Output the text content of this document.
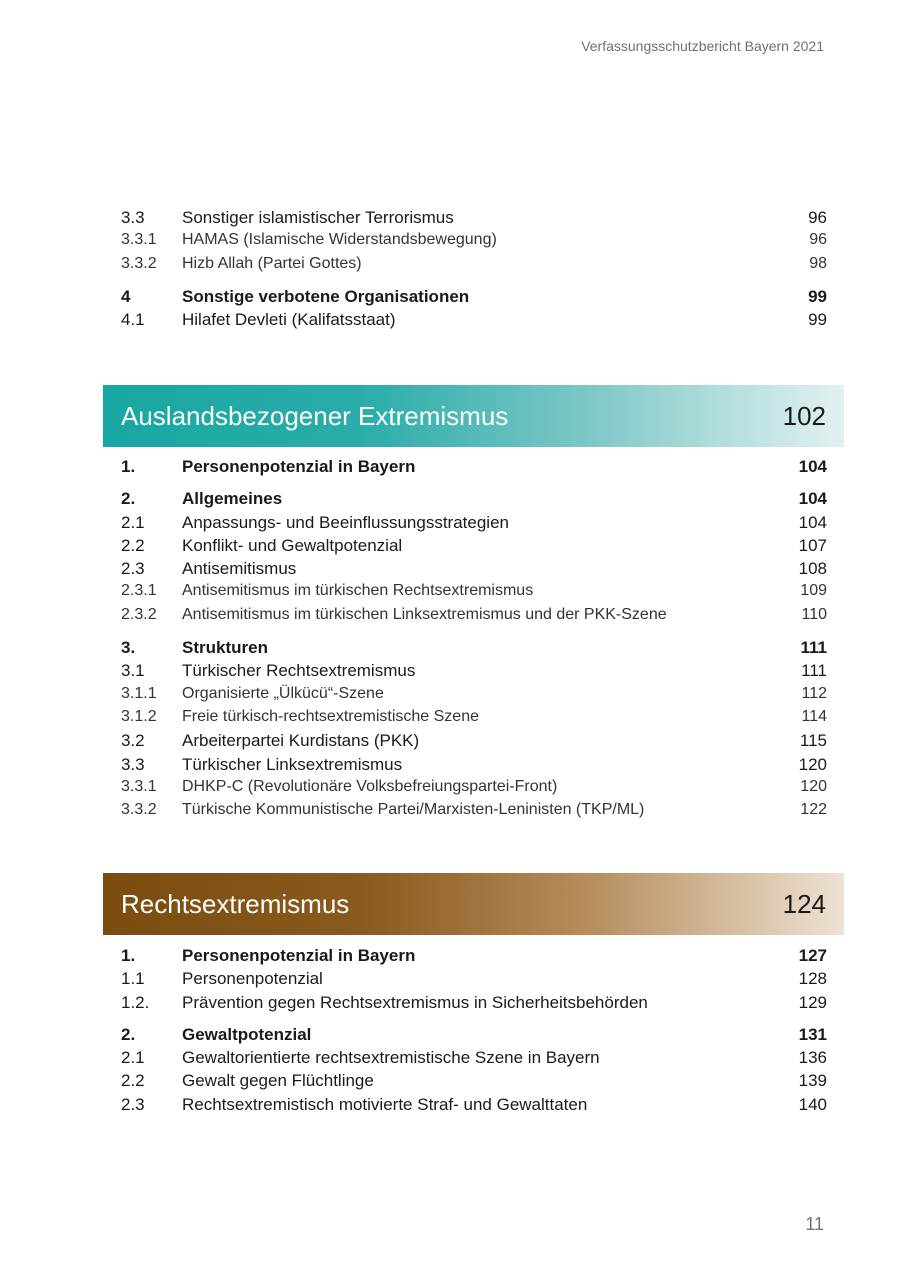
Verfassungsschutzbericht Bayern 2021
3.3	Sonstiger islamistischer Terrorismus	96
3.3.1	HAMAS (Islamische Widerstandsbewegung)	96
3.3.2	Hizb Allah (Partei Gottes)	98
4	Sonstige verbotene Organisationen	99
4.1	Hilafet Devleti (Kalifatsstaat)	99
Auslandsbezogener Extremismus	102
1.	Personenpotenzial in Bayern	104
2.	Allgemeines	104
2.1	Anpassungs- und Beeinflussungsstrategien	104
2.2	Konflikt- und Gewaltpotenzial	107
2.3	Antisemitismus	108
2.3.1	Antisemitismus im türkischen Rechtsextremismus	109
2.3.2	Antisemitismus im türkischen Linksextremismus und der PKK-Szene	110
3.	Strukturen	111
3.1	Türkischer Rechtsextremismus	111
3.1.1	Organisierte „Ülkücü“-Szene	112
3.1.2	Freie türkisch-rechtsextremistische Szene	114
3.2	Arbeiterpartei Kurdistans (PKK)	115
3.3	Türkischer Linksextremismus	120
3.3.1	DHKP-C (Revolutionäre Volksbefreiungspartei-Front)	120
3.3.2	Türkische Kommunistische Partei/Marxisten-Leninisten (TKP/ML)	122
Rechtsextremismus	124
1.	Personenpotenzial in Bayern	127
1.1	Personenpotenzial	128
1.2.	Prävention gegen Rechtsextremismus in Sicherheitsbehörden	129
2.	Gewaltpotenzial	131
2.1	Gewaltorientierte rechtsextremistische Szene in Bayern	136
2.2	Gewalt gegen Flüchtlinge	139
2.3	Rechtsextremistisch motivierte Straf- und Gewalttaten	140
11
